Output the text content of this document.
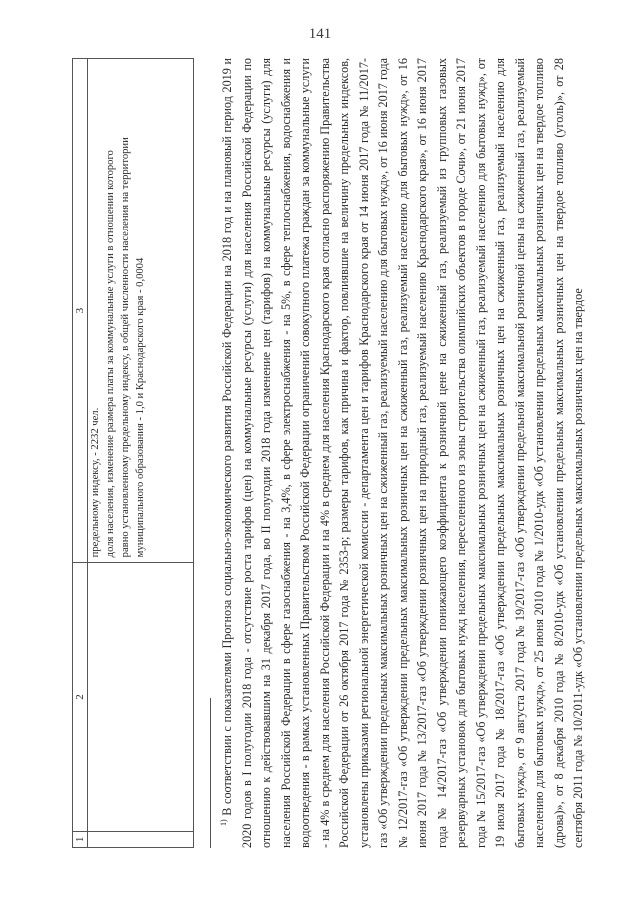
141
1	2	3

		предельному индексу, - 2232 чел. доля населения, изменение размера платы за коммунальные услуги в отношении которого равно установленному предельному индексу, в общей численности населения на территории муниципального образования - 1,0 и Краснодарского края - 0,0004
$^{1)}$ В соответствии с показателями Прогноза социально-экономического развития Российской Федерации на 2018 год и на плановый период 2019 и 2020 годов в I полугодии 2018 года - отсутствие роста тарифов (цен) на коммунальные ресурсы (услуги) для населения Российской Федерации по отношению к действовавшим на 31 декабря 2017 года, во II полугодии 2018 года изменение цен (тарифов) на коммунальные ресурсы (услуги) для населения Российской Федерации в сфере газоснабжения - на 3,4%, в сфере электроснабжения - на 5%, в сфере теплоснабжения, водоснабжения и водоотведения - в рамках установленных Правительством Российской Федерации ограничений совокупного платежа граждан за коммунальные услуги - на 4% в среднем для населения Российской Федерации и на 4% в среднем для населения Краснодарского края согласно распоряжению Правительства Российской Федерации от 26 октября 2017 года № 2353-р; размеры тарифов, как причина и фактор, повлиявшие на величину предельных индексов, установлены приказами региональной энергетической комиссии - департамента цен и тарифов Краснодарского края от 14 июня 2017 года № 11/2017-газ «Об утверждении предельных максимальных розничных цен на сжиженный газ, реализуемый населению для бытовых нужд», от 16 июня 2017 года № 12/2017-газ «Об утверждении предельных максимальных розничных цен на сжиженный газ, реализуемый населению для бытовых нужд», от 16 июня 2017 года № 13/2017-газ «Об утверждении розничных цен на природный газ, реализуемый населению Краснодарского края», от 16 июня 2017 года № 14/2017-газ «Об утверждении понижающего коэффициента к розничной цене на сжиженный газ, реализуемый из групповых газовых резервуарных установок для бытовых нужд населения, переселенного из зоны строительства олимпийских объектов в городе Сочи», от 21 июня 2017 года № 15/2017-газ «Об утверждении предельных максимальных розничных цен на сжиженный газ, реализуемый населению для бытовых нужд», от 19 июля 2017 года № 18/2017-газ «Об утверждении предельных максимальных розничных цен на сжиженный газ, реализуемый населению для бытовых нужд», от 9 августа 2017 года № 19/2017-газ «Об утверждении предельной максимальной розничной цены на сжиженный газ, реализуемый населению для бытовых нужд», от 25 июня 2010 года № 1/2010-удк «Об установлении предельных максимальных розничных цен на твердое топливо (дрова)», от 8 декабря 2010 года № 8/2010-удк «Об установлении предельных максимальных розничных цен на твердое топливо (уголь)», от 28 сентября 2011 года № 10/2011-удк «Об установлении предельных максимальных розничных цен на твердое
